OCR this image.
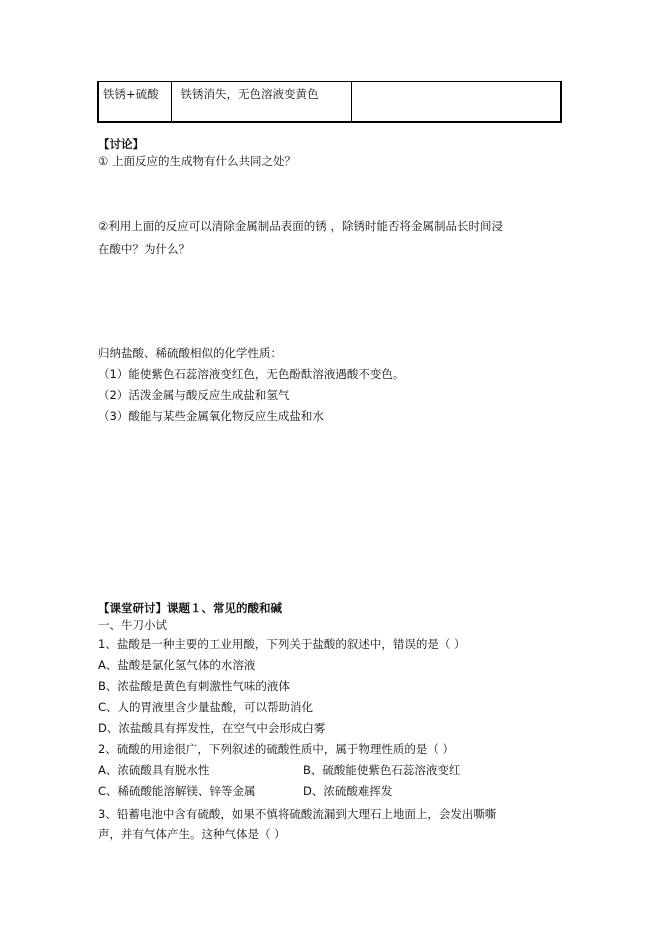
铁锈+硫酸	铁锈消失，无色溶液变黄色	
【讨论】
① 上面反应的生成物有什么共同之处？
②利用上面的反应可以清除金属制品表面的锈 ，除锈时能否将金属制品长时间浸
在酸中？为什么？
归纳盐酸、稀硫酸相似的化学性质：
（1）能使紫色石蕊溶液变红色，无色酚酞溶液遇酸不变色。
（2）活泼金属与酸反应生成盐和氢气
（3）酸能与某些金属氧化物反应生成盐和水
【课堂研讨】课题１、常见的酸和碱
一、牛刀小试
1、盐酸是一种主要的工业用酸，下列关于盐酸的叙述中，错误的是（ ）
A、盐酸是氯化氢气体的水溶液
B、浓盐酸是黄色有刺激性气味的液体
C、人的胃液里含少量盐酸，可以帮助消化
D、浓盐酸具有挥发性，在空气中会形成白雾
2、硫酸的用途很广，下列叙述的硫酸性质中，属于物理性质的是（ ）
A、浓硫酸具有脱水性	B、硫酸能使紫色石蕊溶液变红
C、稀硫酸能溶解镁、锌等金属	D、浓硫酸难挥发
3、铅蓄电池中含有硫酸，如果不慎将硫酸流漏到大理石上地面上，会发出嘶嘶
声，并有气体产生。这种气体是（ ）
